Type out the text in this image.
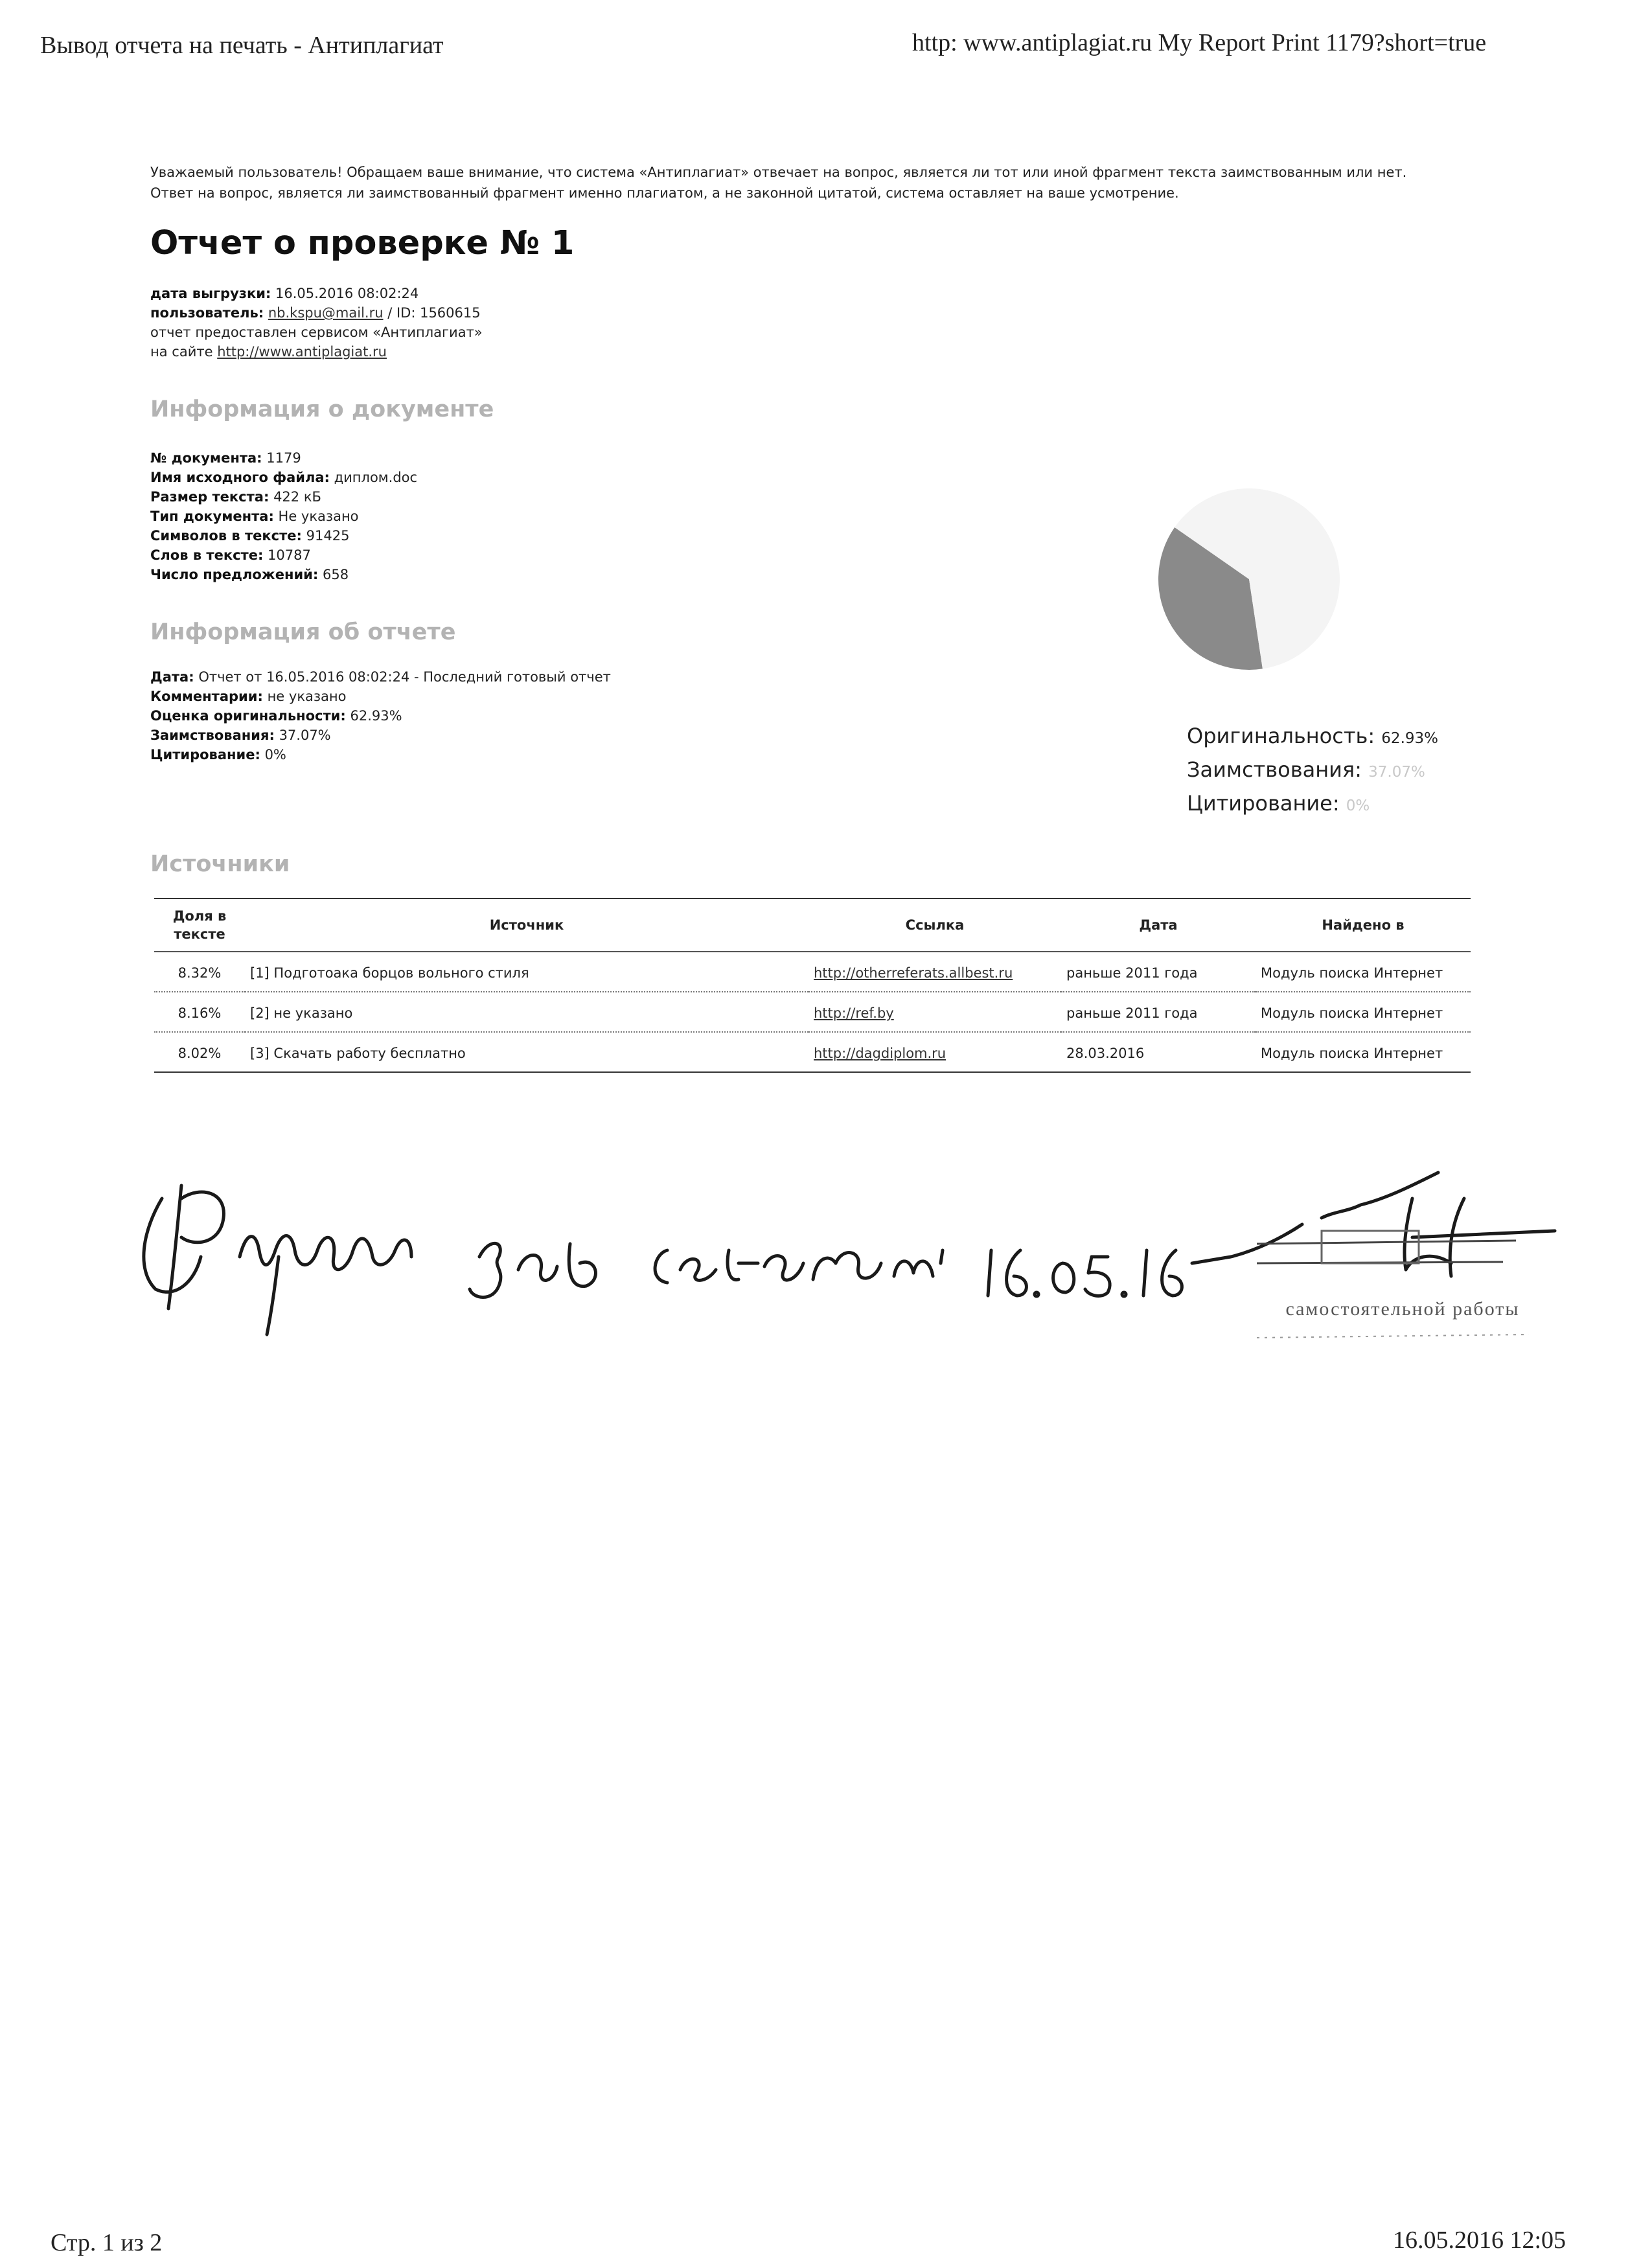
Вывод отчета на печать - Антиплагиат	http: www.antiplagiat.ru My Report Print 1179?short=true
Уважаемый пользователь! Обращаем ваше внимание, что система «Антиплагиат» отвечает на вопрос, является ли тот или иной фрагмент текста заимствованным или нет. Ответ на вопрос, является ли заимствованный фрагмент именно плагиатом, а не законной цитатой, система оставляет на ваше усмотрение.
Отчет о проверке № 1
дата выгрузки: 16.05.2016 08:02:24
пользователь: nb.kspu@mail.ru / ID: 1560615
отчет предоставлен сервисом «Антиплагиат»
на сайте http://www.antiplagiat.ru
Информация о документе
№ документа: 1179
Имя исходного файла: диплом.doc
Размер текста: 422 кБ
Тип документа: Не указано
Символов в тексте: 91425
Слов в тексте: 10787
Число предложений: 658
Информация об отчете
Дата: Отчет от 16.05.2016 08:02:24 - Последний готовый отчет
Комментарии: не указано
Оценка оригинальности: 62.93%
Заимствования: 37.07%
Цитирование: 0%
Оригинальность: 62.93%
Заимствования: 37.07%
Цитирование: 0%
Источники
Доля в тексте	Источник	Ссылка	Дата	Найдено в
8.32%	[1] Подготоака борцов вольного стиля	http://otherreferats.allbest.ru	раньше 2011 года	Модуль поиска Интернет
8.16%	[2] не указано	http://ref.by	раньше 2011 года	Модуль поиска Интернет
8.02%	[3] Скачать работу бесплатно	http://dagdiplom.ru	28.03.2016	Модуль поиска Интернет
самостоятельной работы
Стр. 1 из 2	16.05.2016 12:05
